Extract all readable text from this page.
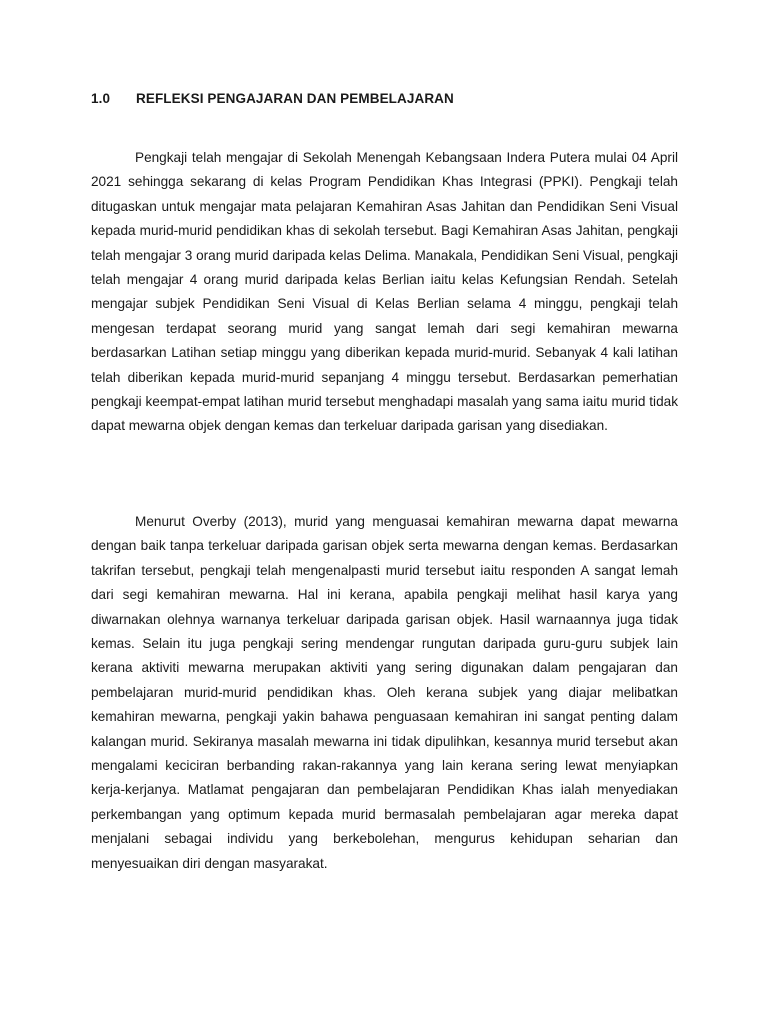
1.0 REFLEKSI PENGAJARAN DAN PEMBELAJARAN

Pengkaji telah mengajar di Sekolah Menengah Kebangsaan Indera Putera mulai 04 April 2021 sehingga sekarang di kelas Program Pendidikan Khas Integrasi (PPKI). Pengkaji telah ditugaskan untuk mengajar mata pelajaran Kemahiran Asas Jahitan dan Pendidikan Seni Visual kepada murid-murid pendidikan khas di sekolah tersebut. Bagi Kemahiran Asas Jahitan, pengkaji telah mengajar 3 orang murid daripada kelas Delima. Manakala, Pendidikan Seni Visual, pengkaji telah mengajar 4 orang murid daripada kelas Berlian iaitu kelas Kefungsian Rendah. Setelah mengajar subjek Pendidikan Seni Visual di Kelas Berlian selama 4 minggu, pengkaji telah mengesan terdapat seorang murid yang sangat lemah dari segi kemahiran mewarna berdasarkan Latihan setiap minggu yang diberikan kepada murid-murid. Sebanyak 4 kali latihan telah diberikan kepada murid-murid sepanjang 4 minggu tersebut. Berdasarkan pemerhatian pengkaji keempat-empat latihan murid tersebut menghadapi masalah yang sama iaitu murid tidak dapat mewarna objek dengan kemas dan terkeluar daripada garisan yang disediakan.

Menurut Overby (2013), murid yang menguasai kemahiran mewarna dapat mewarna dengan baik tanpa terkeluar daripada garisan objek serta mewarna dengan kemas. Berdasarkan takrifan tersebut, pengkaji telah mengenalpasti murid tersebut iaitu responden A sangat lemah dari segi kemahiran mewarna. Hal ini kerana, apabila pengkaji melihat hasil karya yang diwarnakan olehnya warnanya terkeluar daripada garisan objek. Hasil warnaannya juga tidak kemas. Selain itu juga pengkaji sering mendengar rungutan daripada guru-guru subjek lain kerana aktiviti mewarna merupakan aktiviti yang sering digunakan dalam pengajaran dan pembelajaran murid-murid pendidikan khas. Oleh kerana subjek yang diajar melibatkan kemahiran mewarna, pengkaji yakin bahawa penguasaan kemahiran ini sangat penting dalam kalangan murid. Sekiranya masalah mewarna ini tidak dipulihkan, kesannya murid tersebut akan mengalami keciciran berbanding rakan-rakannya yang lain kerana sering lewat menyiapkan kerja-kerjanya. Matlamat pengajaran dan pembelajaran Pendidikan Khas ialah menyediakan perkembangan yang optimum kepada murid bermasalah pembelajaran agar mereka dapat menjalani sebagai individu yang berkebolehan, mengurus kehidupan seharian dan menyesuaikan diri dengan masyarakat.
